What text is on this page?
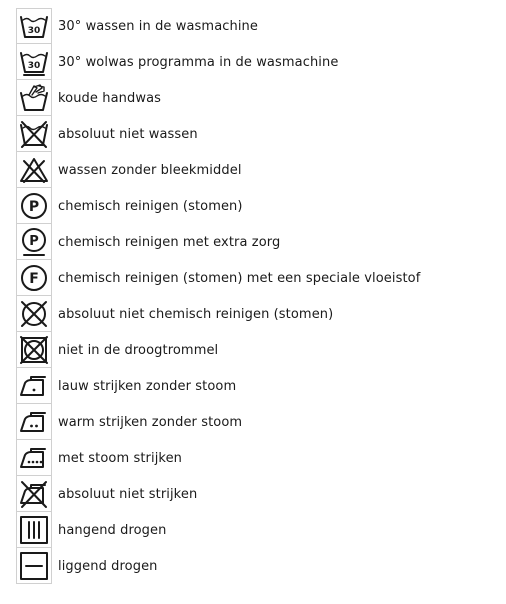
30 30° wassen in de wasmachine
30 30° wolwas programma in de wasmachine
koude handwas
absoluut niet wassen
wassen zonder bleekmiddel
P chemisch reinigen (stomen)
P chemisch reinigen met extra zorg
F chemisch reinigen (stomen) met een speciale vloeistof
absoluut niet chemisch reinigen (stomen)
niet in de droogtrommel
lauw strijken zonder stoom
warm strijken zonder stoom
met stoom strijken
absoluut niet strijken
hangend drogen
liggend drogen
